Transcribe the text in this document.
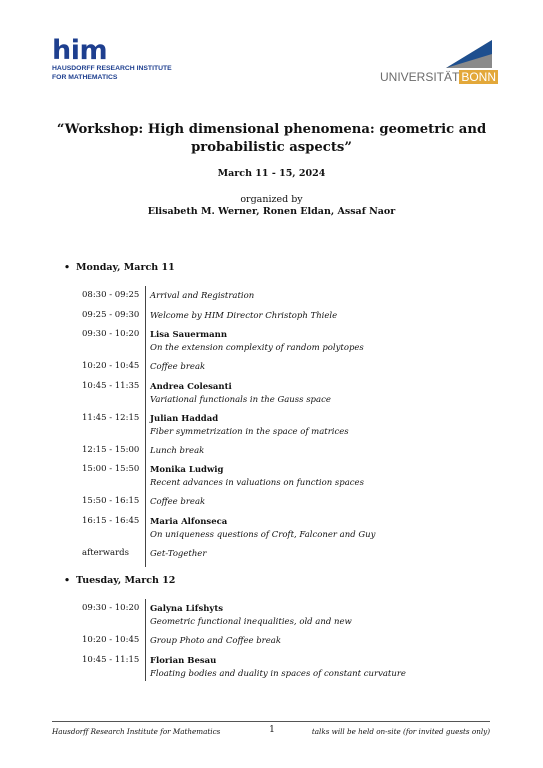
him
HAUSDORFF RESEARCH INSTITUTE
FOR MATHEMATICS	UNIVERSITÄT BONN
“Workshop: High dimensional phenomena: geometric and probabilistic aspects”
March 11 - 15, 2024
organized by
Elisabeth M. Werner, Ronen Eldan, Assaf Naor
• Monday, March 11
08:30 - 09:25	Arrival and Registration
09:25 - 09:30	Welcome by HIM Director Christoph Thiele
09:30 - 10:20	Lisa Sauermann
On the extension complexity of random polytopes
10:20 - 10:45	Coffee break
10:45 - 11:35	Andrea Colesanti
Variational functionals in the Gauss space
11:45 - 12:15	Julian Haddad
Fiber symmetrization in the space of matrices
12:15 - 15:00	Lunch break
15:00 - 15:50	Monika Ludwig
Recent advances in valuations on function spaces
15:50 - 16:15	Coffee break
16:15 - 16:45	Maria Alfonseca
On uniqueness questions of Croft, Falconer and Guy
afterwards	Get-Together
• Tuesday, March 12
09:30 - 10:20	Galyna Lifshyts
Geometric functional inequalities, old and new
10:20 - 10:45	Group Photo and Coffee break
10:45 - 11:15	Florian Besau
Floating bodies and duality in spaces of constant curvature
Hausdorff Research Institute for Mathematics	1	talks will be held on-site (for invited guests only)
